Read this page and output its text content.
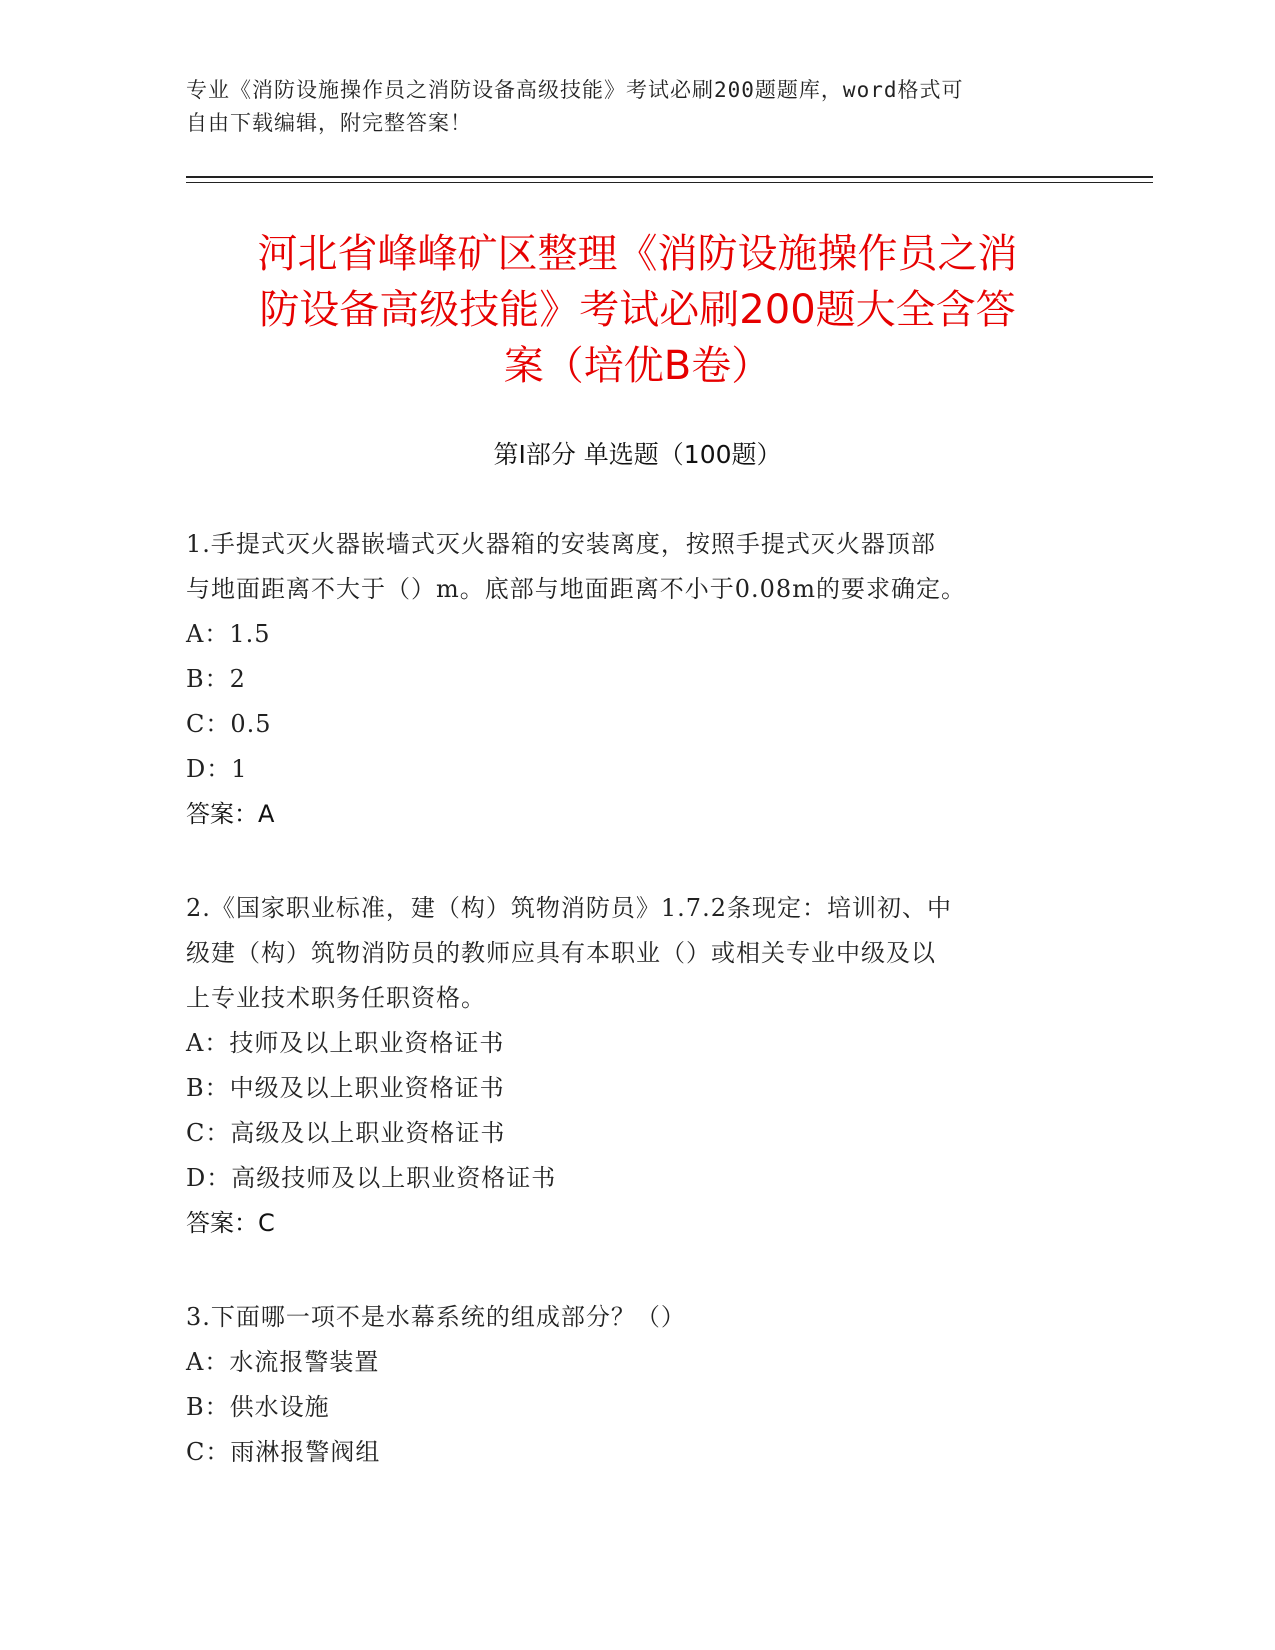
专业《消防设施操作员之消防设备高级技能》考试必刷200题题库，word格式可
自由下载编辑，附完整答案！
河北省峰峰矿区整理《消防设施操作员之消
防设备高级技能》考试必刷200题大全含答
案（培优B卷）
第Ⅰ部分 单选题（100题）
1.手提式灭火器嵌墙式灭火器箱的安装离度，按照手提式灭火器顶部
与地面距离不大于（）m。底部与地面距离不小于0.08m的要求确定。
A：1.5
B：2
C：0.5
D：1
答案：A
2.《国家职业标准，建（构）筑物消防员》1.7.2条现定：培训初、中
级建（构）筑物消防员的教师应具有本职业（）或相关专业中级及以
上专业技术职务任职资格。
A：技师及以上职业资格证书
B：中级及以上职业资格证书
C：高级及以上职业资格证书
D：高级技师及以上职业资格证书
答案：C
3.下面哪一项不是水幕系统的组成部分？（）
A：水流报警装置
B：供水设施
C：雨淋报警阀组
